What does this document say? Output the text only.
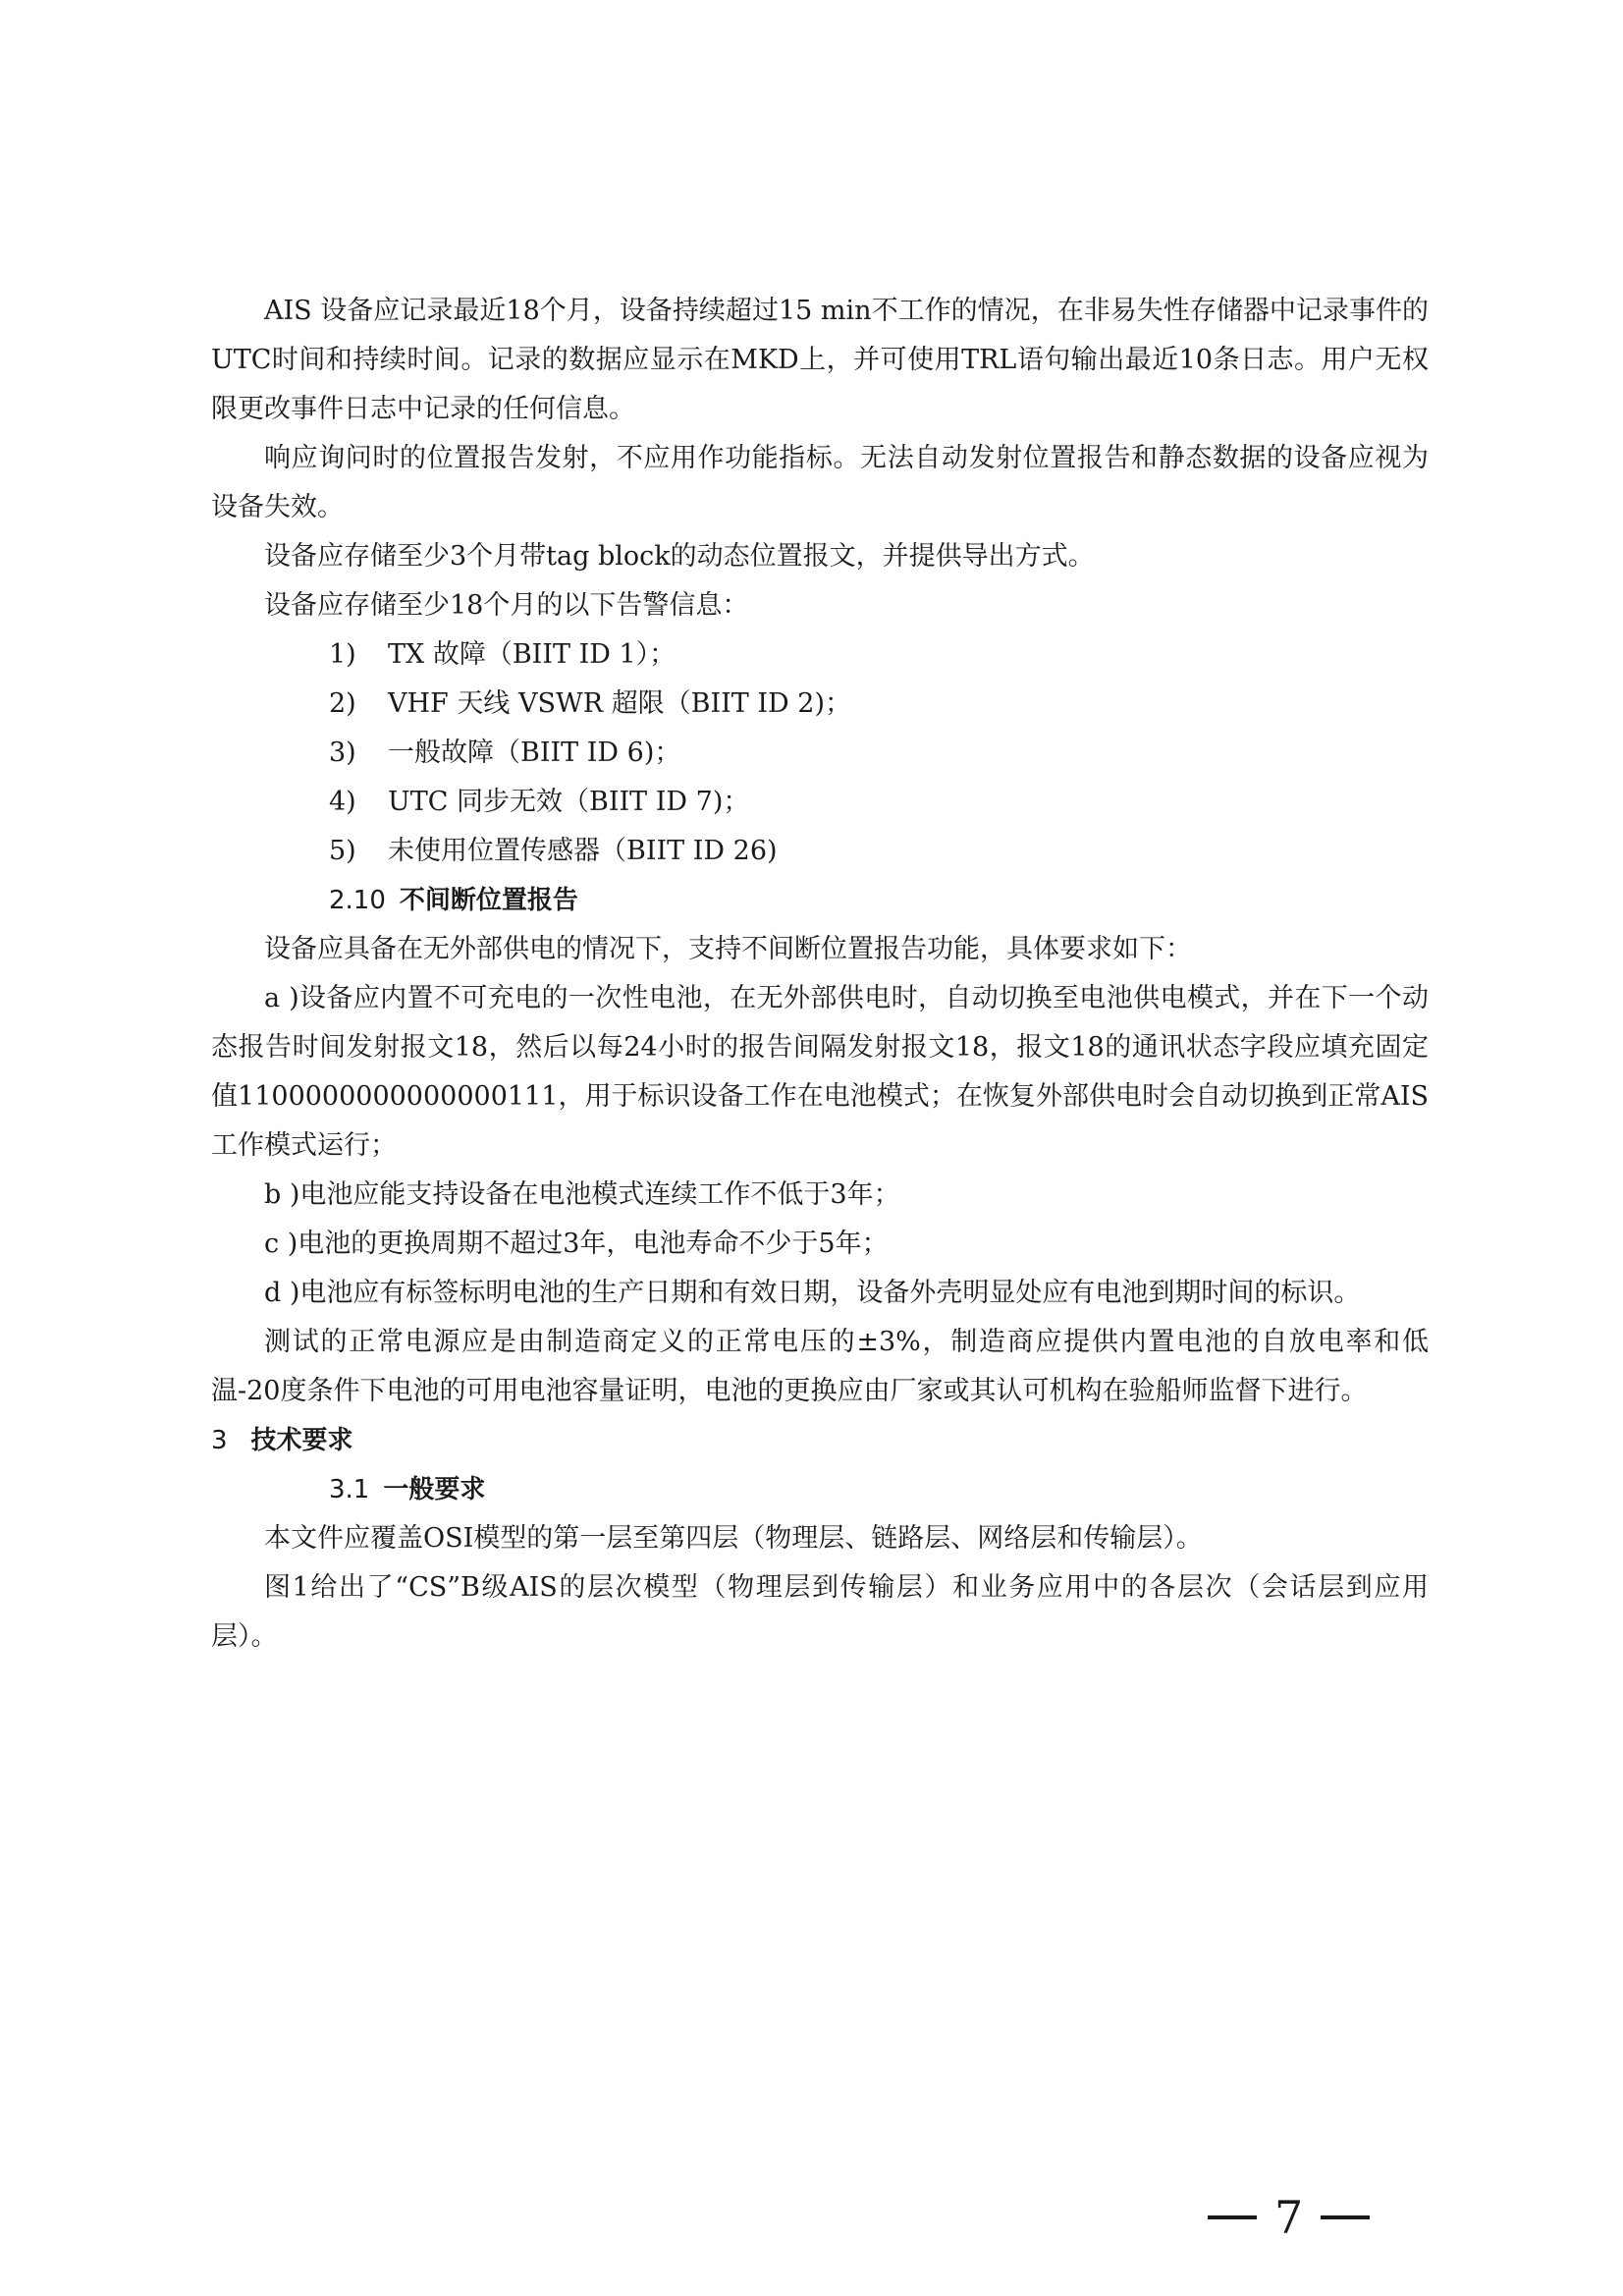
AIS 设备应记录最近18个月，设备持续超过15 min不工作的情况，在非易失性存储器中记录事件的UTC时间和持续时间。记录的数据应显示在MKD上，并可使用TRL语句输出最近10条日志。用户无权限更改事件日志中记录的任何信息。

响应询问时的位置报告发射，不应用作功能指标。无法自动发射位置报告和静态数据的设备应视为设备失效。

设备应存储至少3个月带tag block的动态位置报文，并提供导出方式。

设备应存储至少18个月的以下告警信息：

1) TX 故障（BIIT ID 1）；

2) VHF 天线 VSWR 超限（BIIT ID 2)；

3) 一般故障（BIIT ID 6)；

4) UTC 同步无效（BIIT ID 7)；

5) 未使用位置传感器（BIIT ID 26)

2.10 不间断位置报告

设备应具备在无外部供电的情况下，支持不间断位置报告功能，具体要求如下：

a )设备应内置不可充电的一次性电池，在无外部供电时，自动切换至电池供电模式，并在下一个动态报告时间发射报文18，然后以每24小时的报告间隔发射报文18，报文18的通讯状态字段应填充固定值1100000000000000111，用于标识设备工作在电池模式；在恢复外部供电时会自动切换到正常AIS工作模式运行；

b )电池应能支持设备在电池模式连续工作不低于3年；

c )电池的更换周期不超过3年，电池寿命不少于5年；

d )电池应有标签标明电池的生产日期和有效日期，设备外壳明显处应有电池到期时间的标识。

测试的正常电源应是由制造商定义的正常电压的±3%，制造商应提供内置电池的自放电率和低温-20度条件下电池的可用电池容量证明，电池的更换应由厂家或其认可机构在验船师监督下进行。

3 技术要求

3.1 一般要求

本文件应覆盖OSI模型的第一层至第四层（物理层、链路层、网络层和传输层）。

图1给出了“CS”B级AIS的层次模型（物理层到传输层）和业务应用中的各层次（会话层到应用层）。

7
